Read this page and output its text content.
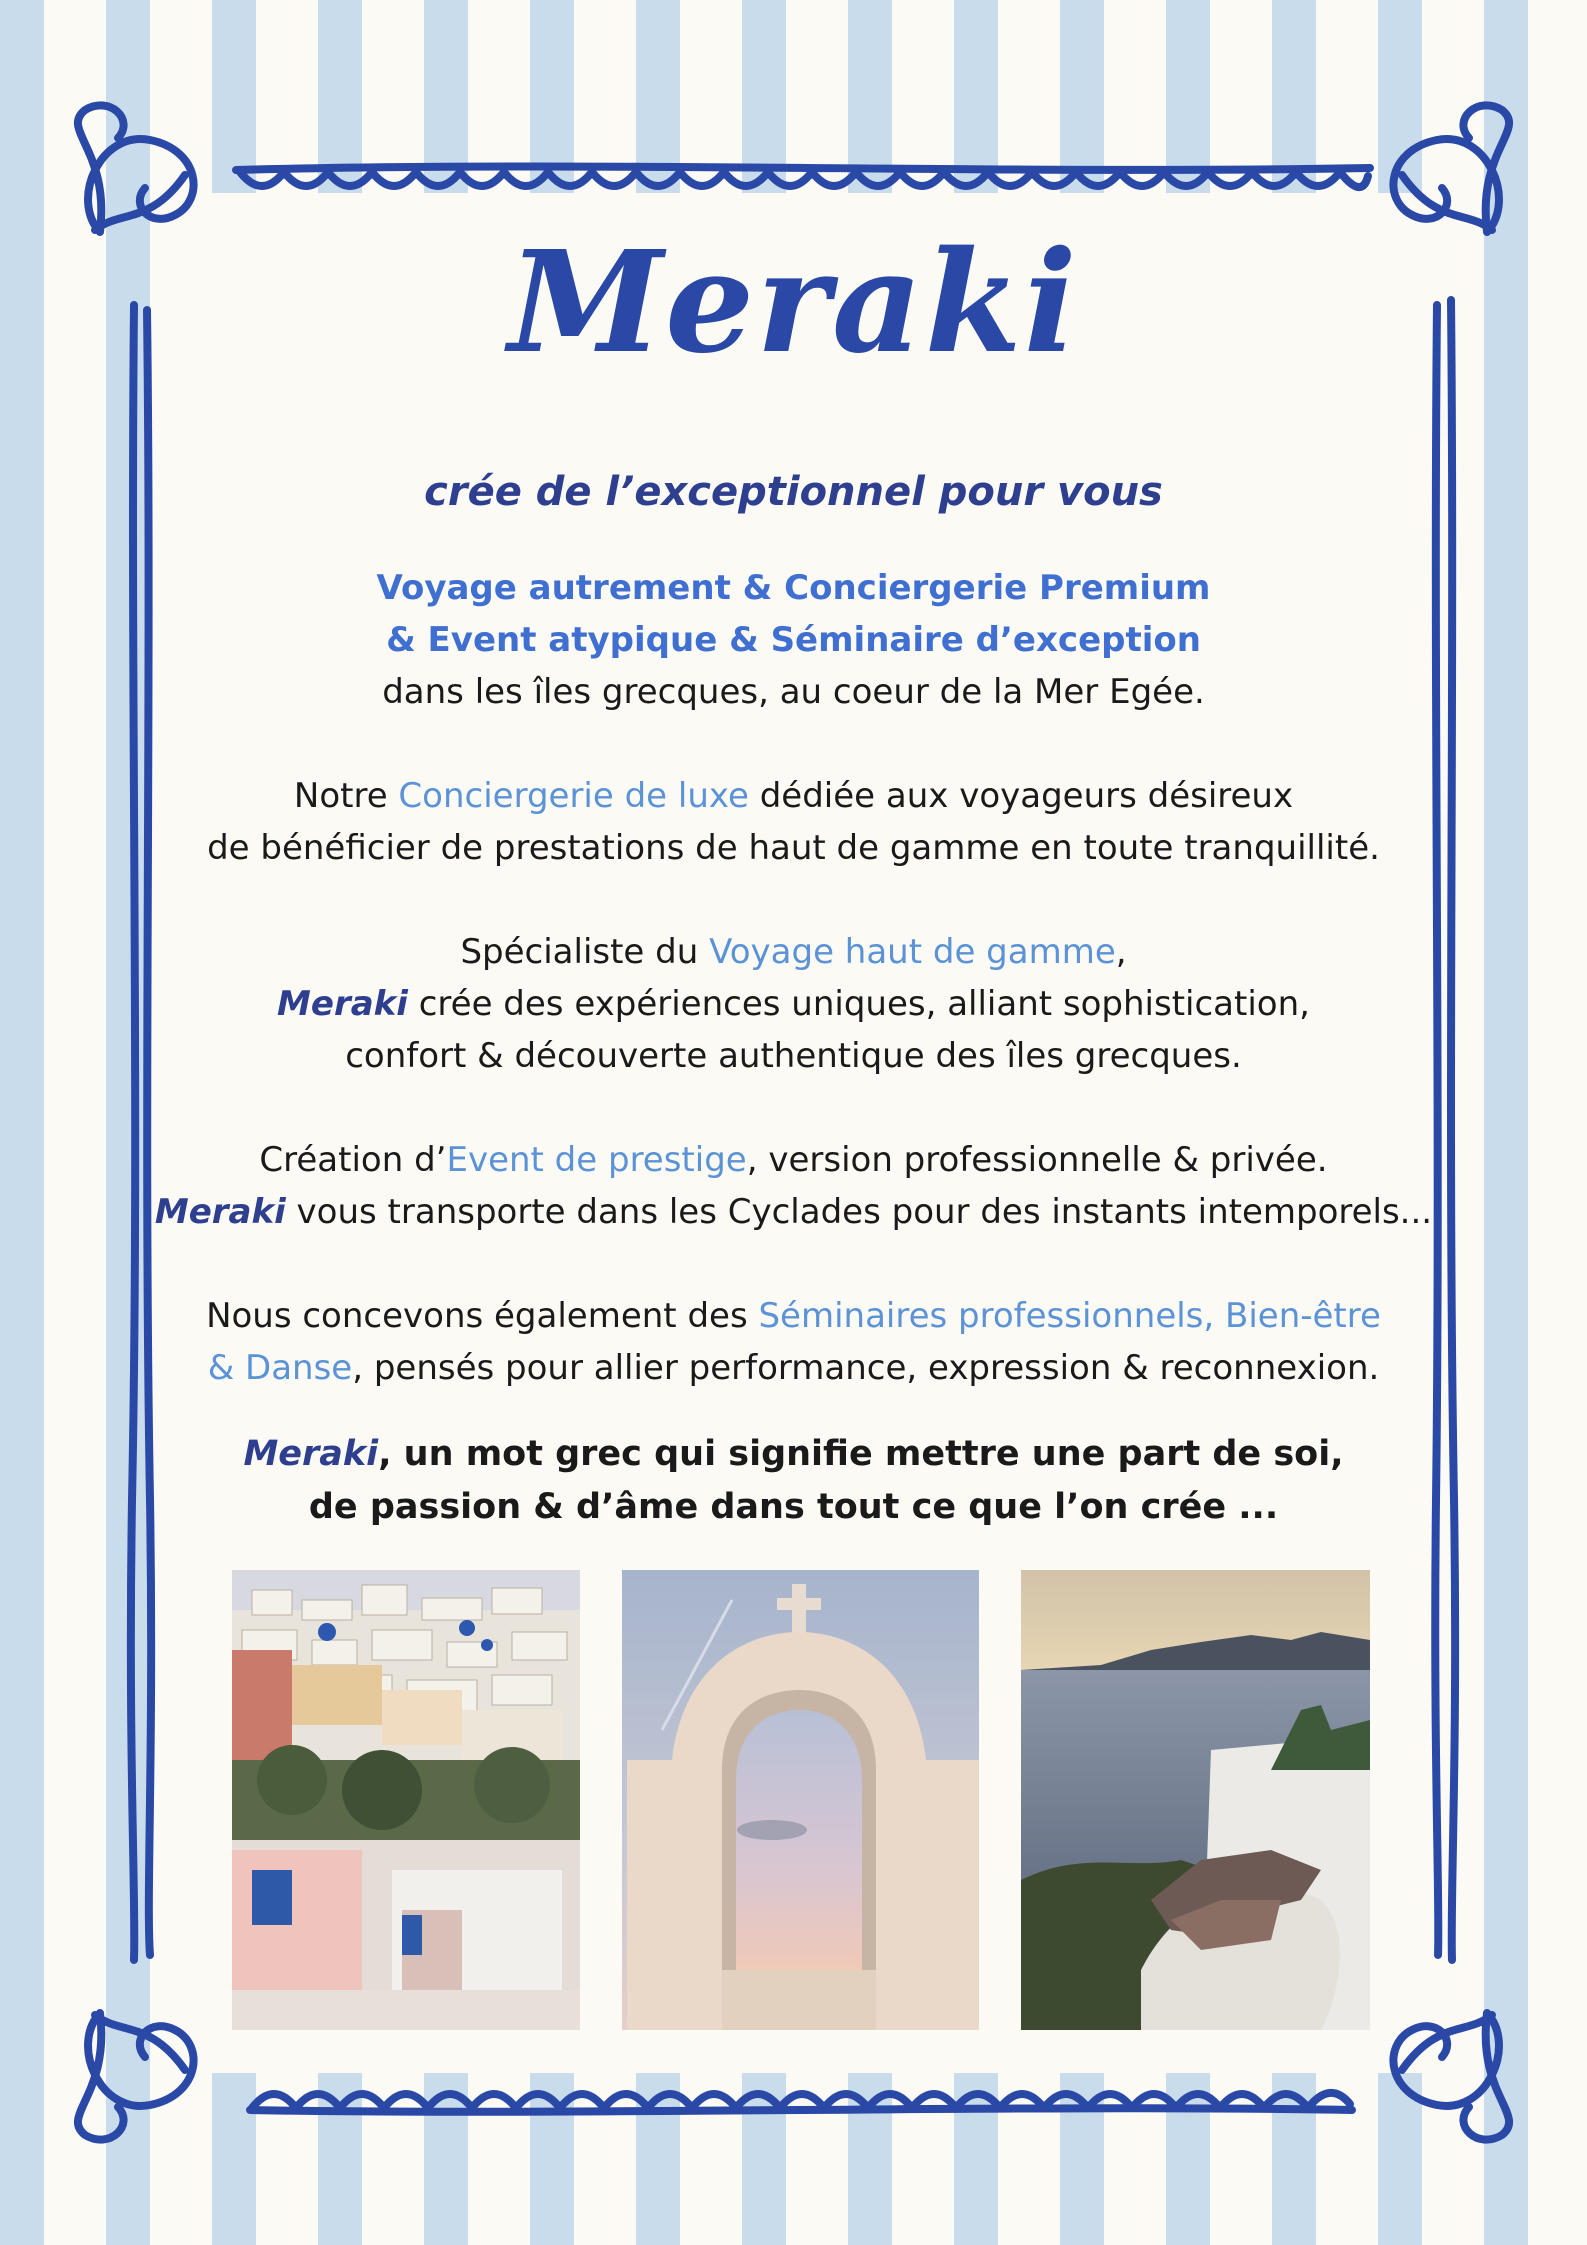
Meraki
crée de l’exceptionnel pour vous
Voyage autrement & Conciergerie Premium
& Event atypique & Séminaire d’exception
dans les îles grecques, au coeur de la Mer Egée.
Notre Conciergerie de luxe dédiée aux voyageurs désireux
de bénéficier de prestations de haut de gamme en toute tranquillité.
Spécialiste du Voyage haut de gamme,
Meraki crée des expériences uniques, alliant sophistication,
confort & découverte authentique des îles grecques.
Création d’Event de prestige, version professionnelle & privée.
Meraki vous transporte dans les Cyclades pour des instants intemporels...
Nous concevons également des Séminaires professionnels, Bien-être
& Danse, pensés pour allier performance, expression & reconnexion.
Meraki, un mot grec qui signifie mettre une part de soi,
de passion & d’âme dans tout ce que l’on crée ...
